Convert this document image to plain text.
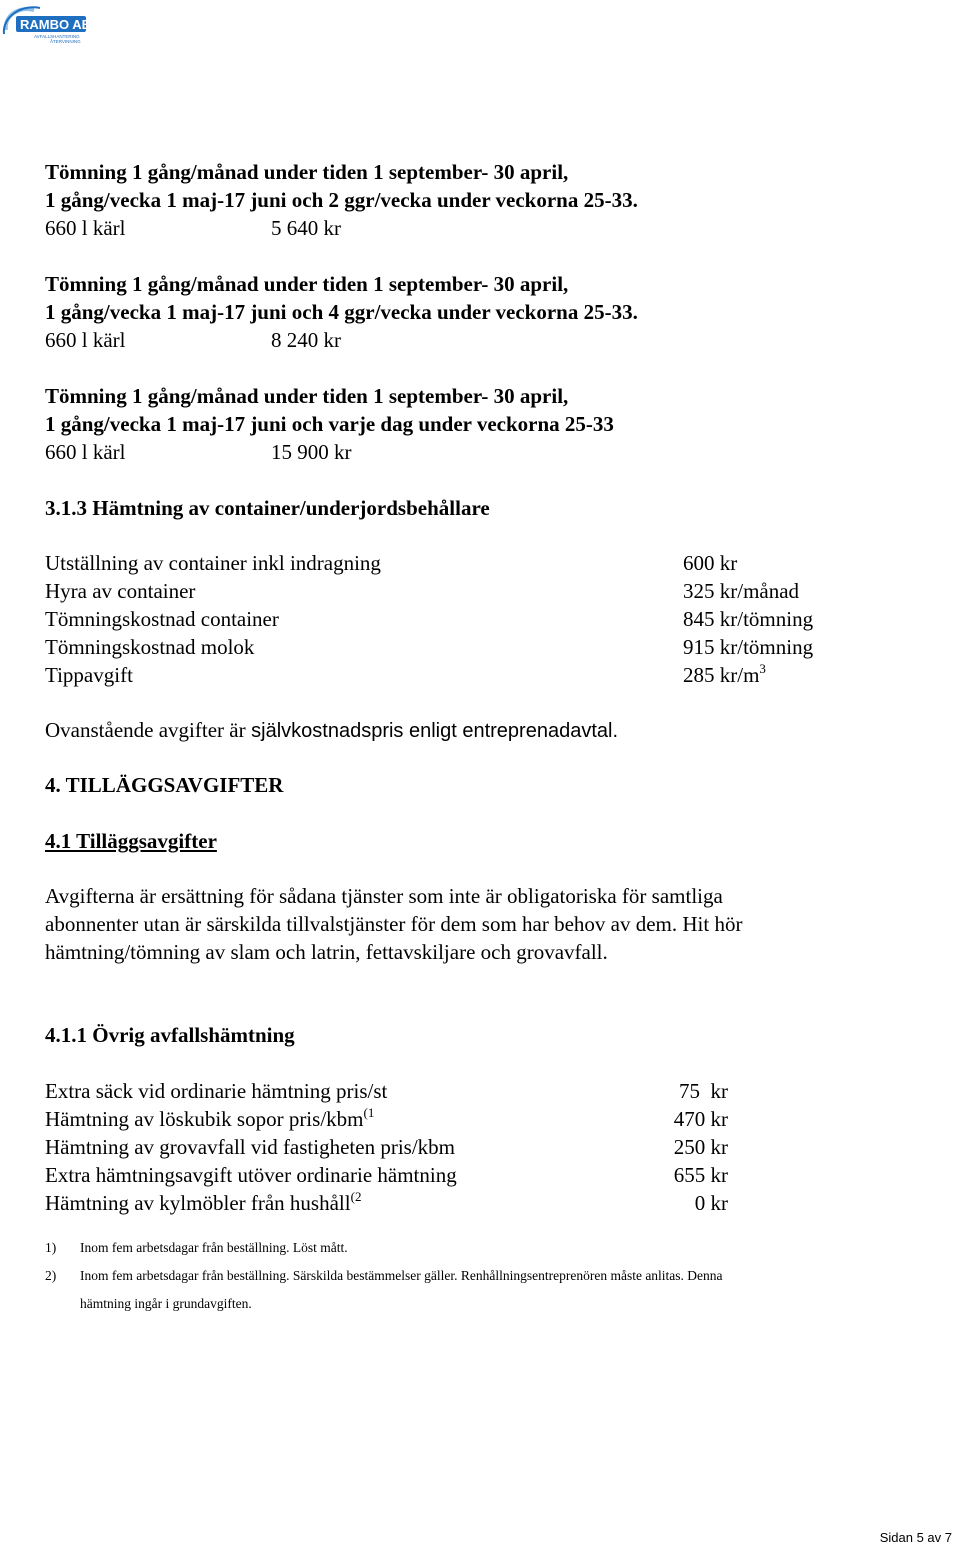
RAMBO AB
AVFALLSHANTERING
ÅTERVINNING
Tömning 1 gång/månad under tiden 1 september- 30 april,
1 gång/vecka 1 maj-17 juni och 2 ggr/vecka under veckorna 25-33.
660 l kärl	5 640 kr
Tömning 1 gång/månad under tiden 1 september- 30 april,
1 gång/vecka 1 maj-17 juni och 4 ggr/vecka under veckorna 25-33.
660 l kärl	8 240 kr
Tömning 1 gång/månad under tiden 1 september- 30 april,
1 gång/vecka 1 maj-17 juni och varje dag under veckorna 25-33
660 l kärl	15 900 kr
3.1.3 Hämtning av container/underjordsbehållare
Utställning av container inkl indragning	600 kr
Hyra av container	325 kr/månad
Tömningskostnad container	845 kr/tömning
Tömningskostnad molok	915 kr/tömning
Tippavgift	285 $kr/m^3$
Ovanstående avgifter är självkostnadspris enligt entreprenadavtal.
4. TILLÄGGSAVGIFTER
4.1 Tilläggsavgifter
Avgifterna är ersättning för sådana tjänster som inte är obligatoriska för samtliga
abonnenter utan är särskilda tillvalstjänster för dem som har behov av dem. Hit hör
hämtning/tömning av slam och latrin, fettavskiljare och grovavfall.
4.1.1 Övrig avfallshämtning
Extra säck vid ordinarie hämtning pris/st	75  kr
Hämtning av löskubik sopor pris/kbm$^{(1}$	470 kr
Hämtning av grovavfall vid fastigheten pris/kbm	250 kr
Extra hämtningsavgift utöver ordinarie hämtning	655 kr
Hämtning av kylmöbler från hushåll$^{(2}$	0 kr
1) Inom fem arbetsdagar från beställning. Löst mått.
2) Inom fem arbetsdagar från beställning. Särskilda bestämmelser gäller. Renhållningsentreprenören måste anlitas. Denna
hämtning ingår i grundavgiften.
Sidan 5 av 7
